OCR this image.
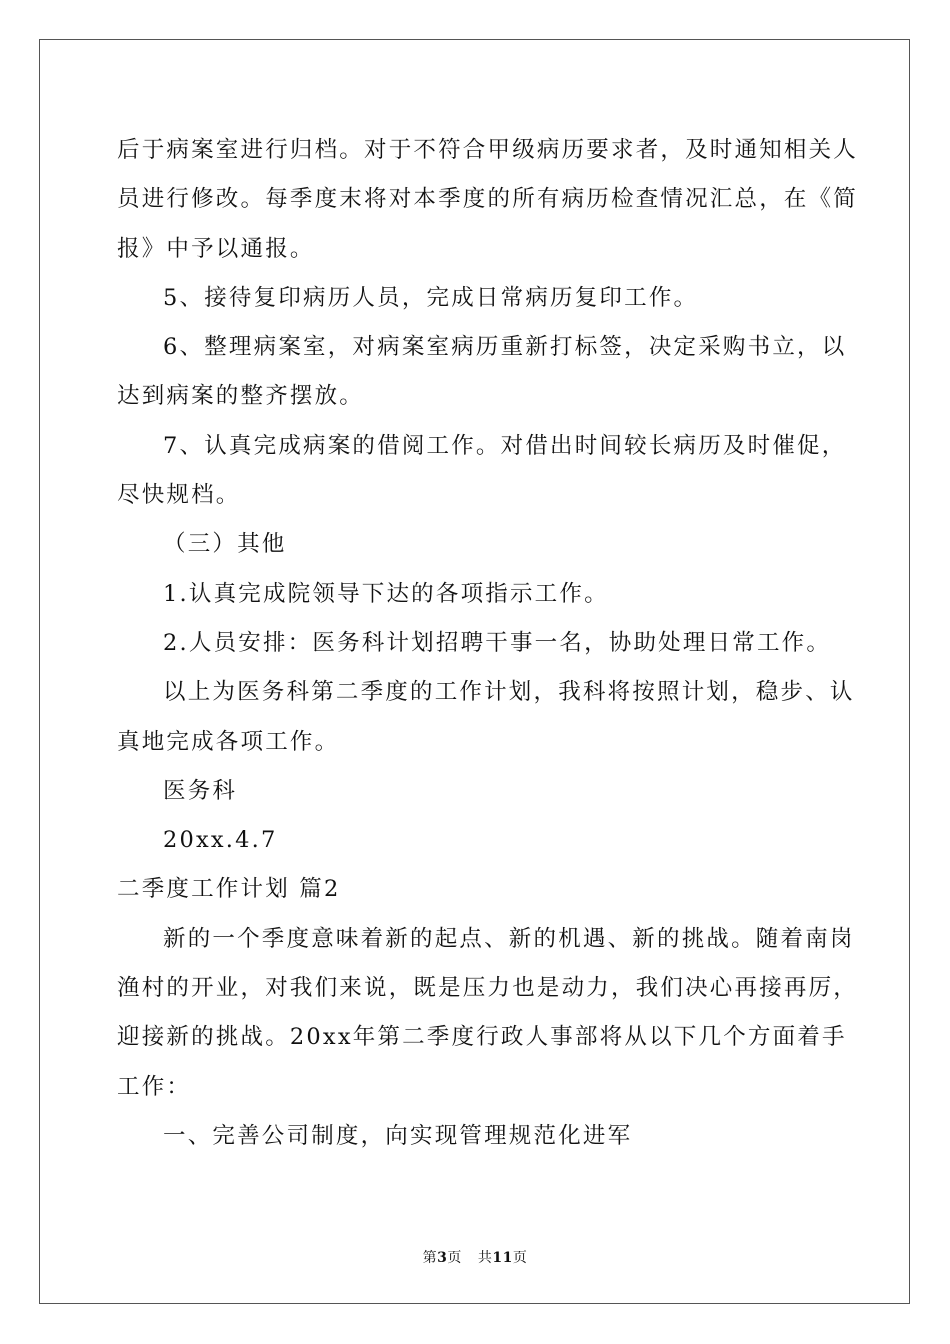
后于病案室进行归档。对于不符合甲级病历要求者，及时通知相关人
员进行修改。每季度末将对本季度的所有病历检查情况汇总，在《简
报》中予以通报。
5、接待复印病历人员，完成日常病历复印工作。
6、整理病案室，对病案室病历重新打标签，决定采购书立，以
达到病案的整齐摆放。
7、认真完成病案的借阅工作。对借出时间较长病历及时催促，
尽快规档。
（三）其他
1.认真完成院领导下达的各项指示工作。
2.人员安排：医务科计划招聘干事一名，协助处理日常工作。
以上为医务科第二季度的工作计划，我科将按照计划，稳步、认
真地完成各项工作。
医务科
20xx.4.7
二季度工作计划 篇2
新的一个季度意味着新的起点、新的机遇、新的挑战。随着南岗
渔村的开业，对我们来说，既是压力也是动力，我们决心再接再厉，
迎接新的挑战。20xx年第二季度行政人事部将从以下几个方面着手
工作：
一、完善公司制度，向实现管理规范化进军
第3页 共11页
